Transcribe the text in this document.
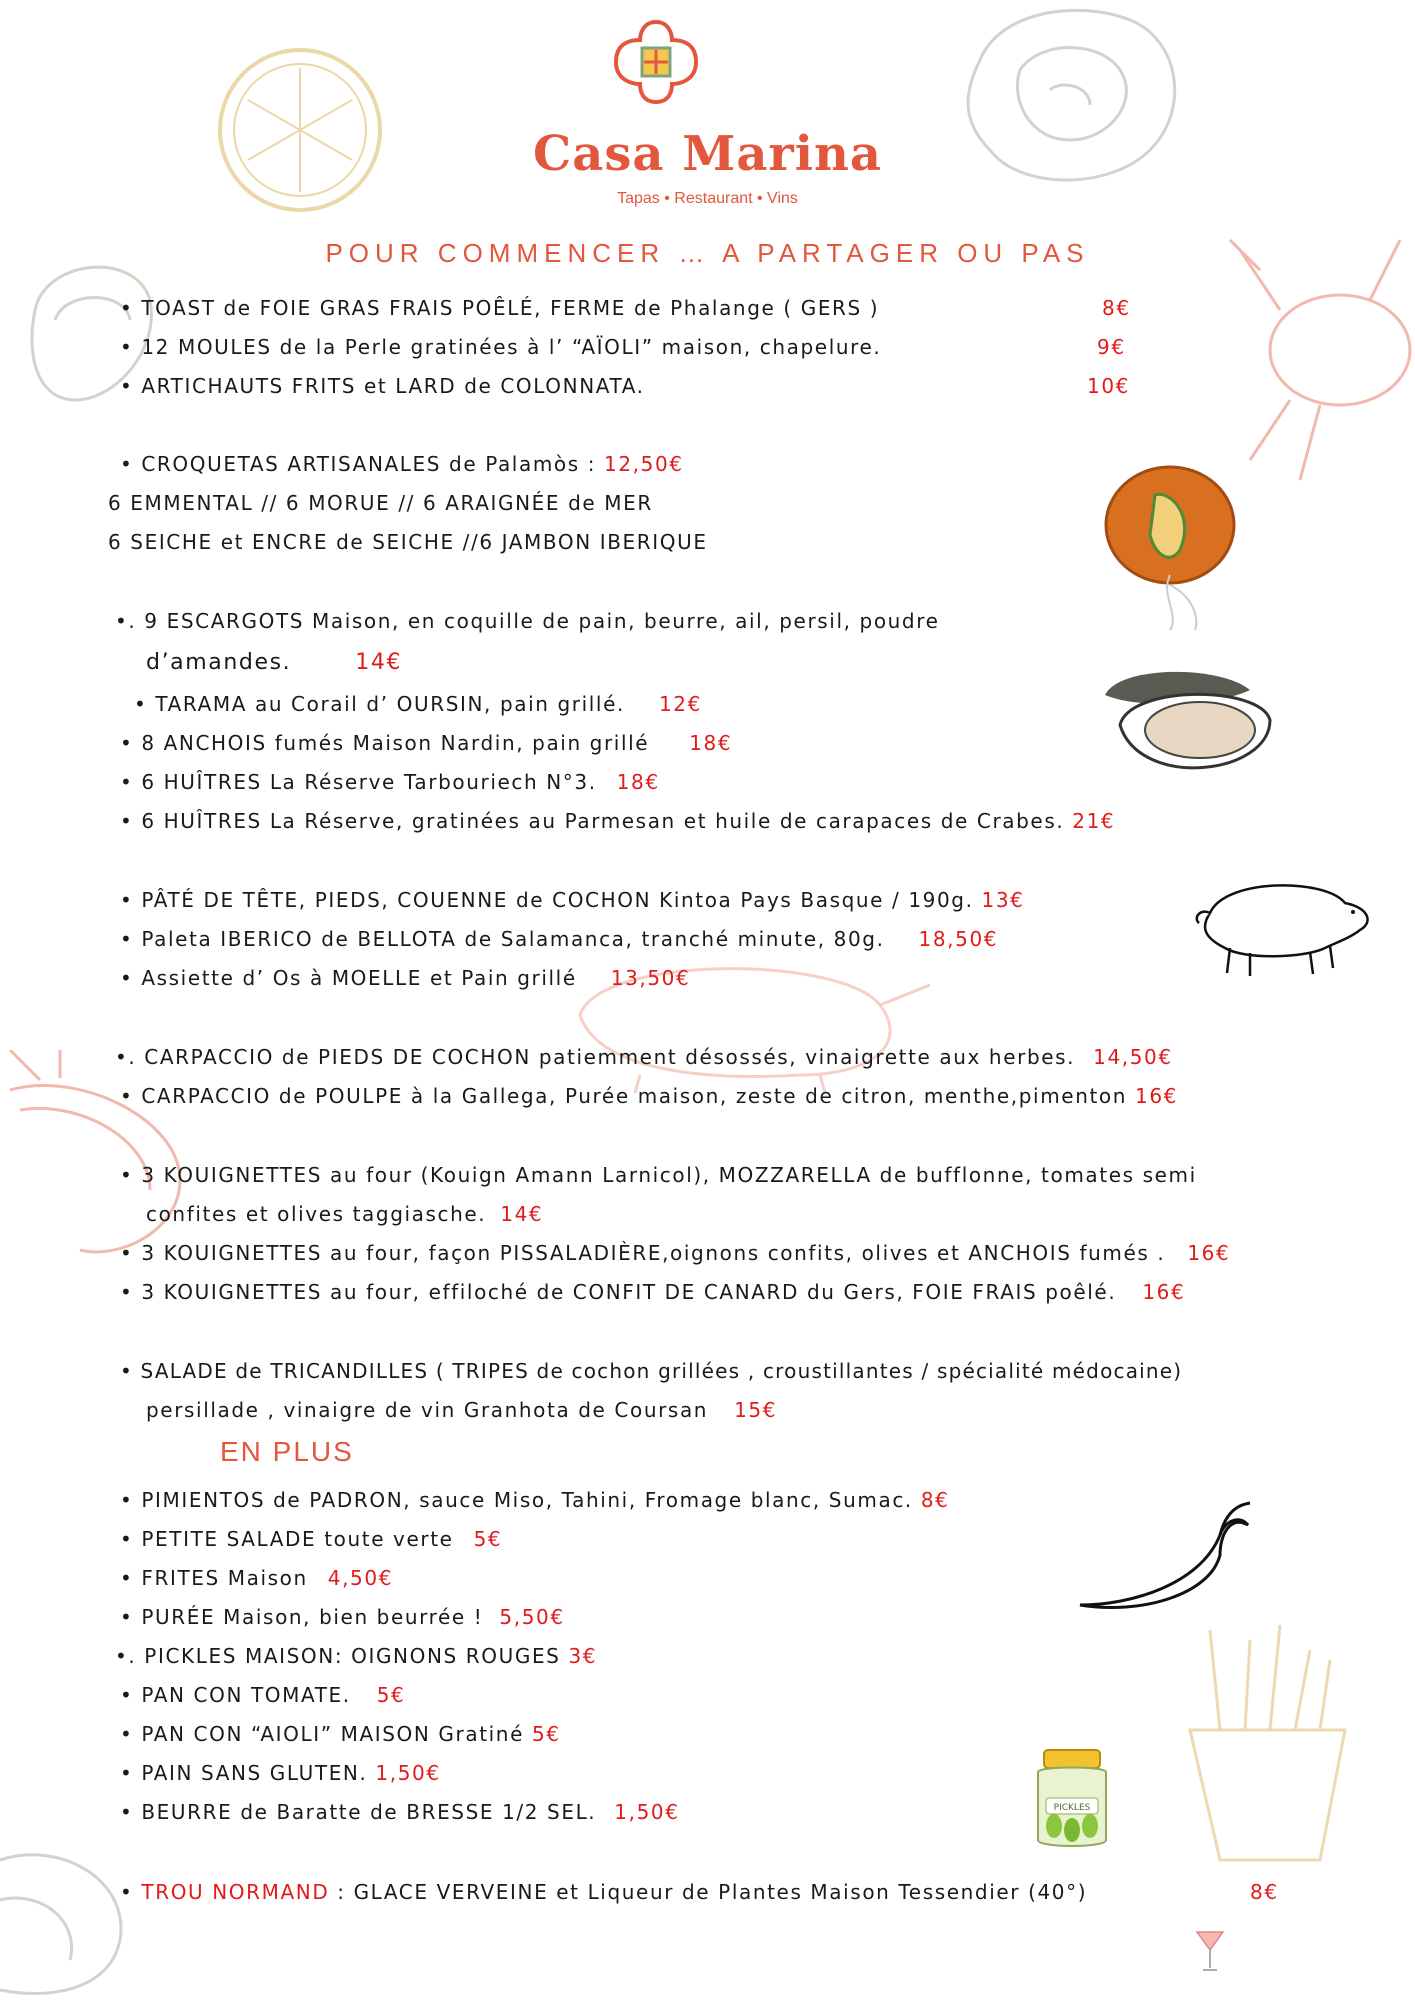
Casa Marina
Tapas • Restaurant • Vins
POUR COMMENCER … A PARTAGER OU PAS
• TOAST de FOIE GRAS FRAIS POÊLÉ, FERME de Phalange ( GERS )	8€
• 12 MOULES de la Perle gratinées à l’ “AÏOLI” maison, chapelure.	9€
• ARTICHAUTS FRITS et LARD de COLONNATA.	10€
• CROQUETAS ARTISANALES de Palamòs : 12,50€
6 EMMENTAL // 6 MORUE // 6 ARAIGNÉE de MER
6 SEICHE et ENCRE de SEICHE //6 JAMBON IBERIQUE
•. 9 ESCARGOTS Maison, en coquille de pain, beurre, ail, persil, poudre
d’amandes.	14€
• TARAMA au Corail d’ OURSIN, pain grillé. 12€
• 8 ANCHOIS fumés Maison Nardin, pain grillé 18€
• 6 HUÎTRES La Réserve Tarbouriech N°3. 18€
• 6 HUÎTRES La Réserve, gratinées au Parmesan et huile de carapaces de Crabes. 21€
• PÂTÉ DE TÊTE, PIEDS, COUENNE de COCHON Kintoa Pays Basque / 190g. 13€
• Paleta IBERICO de BELLOTA de Salamanca, tranché minute, 80g. 18,50€
• Assiette d’ Os à MOELLE et Pain grillé 13,50€
•. CARPACCIO de PIEDS DE COCHON patiemment désossés, vinaigrette aux herbes. 14,50€
• CARPACCIO de POULPE à la Gallega, Purée maison, zeste de citron, menthe,pimenton 16€
• 3 KOUIGNETTES au four (Kouign Amann Larnicol), MOZZARELLA de bufflonne, tomates semi
confites et olives taggiasche. 14€
• 3 KOUIGNETTES au four, façon PISSALADIÈRE,oignons confits, olives et ANCHOIS fumés . 16€
• 3 KOUIGNETTES au four, effiloché de CONFIT DE CANARD du Gers, FOIE FRAIS poêlé. 16€
• SALADE de TRICANDILLES ( TRIPES de cochon grillées , croustillantes / spécialité médocaine)
persillade , vinaigre de vin Granhota de Coursan 15€
EN PLUS
• PIMIENTOS de PADRON, sauce Miso, Tahini, Fromage blanc, Sumac. 8€
• PETITE SALADE toute verte 5€
• FRITES Maison 4,50€
• PURÉE Maison, bien beurrée ! 5,50€
•. PICKLES MAISON: OIGNONS ROUGES 3€
• PAN CON TOMATE. 5€
• PAN CON “AIOLI” MAISON Gratiné 5€
• PAIN SANS GLUTEN. 1,50€
• BEURRE de Baratte de BRESSE 1/2 SEL. 1,50€
• TROU NORMAND : GLACE VERVEINE et Liqueur de Plantes Maison Tessendier (40°)	8€
PICKLES
